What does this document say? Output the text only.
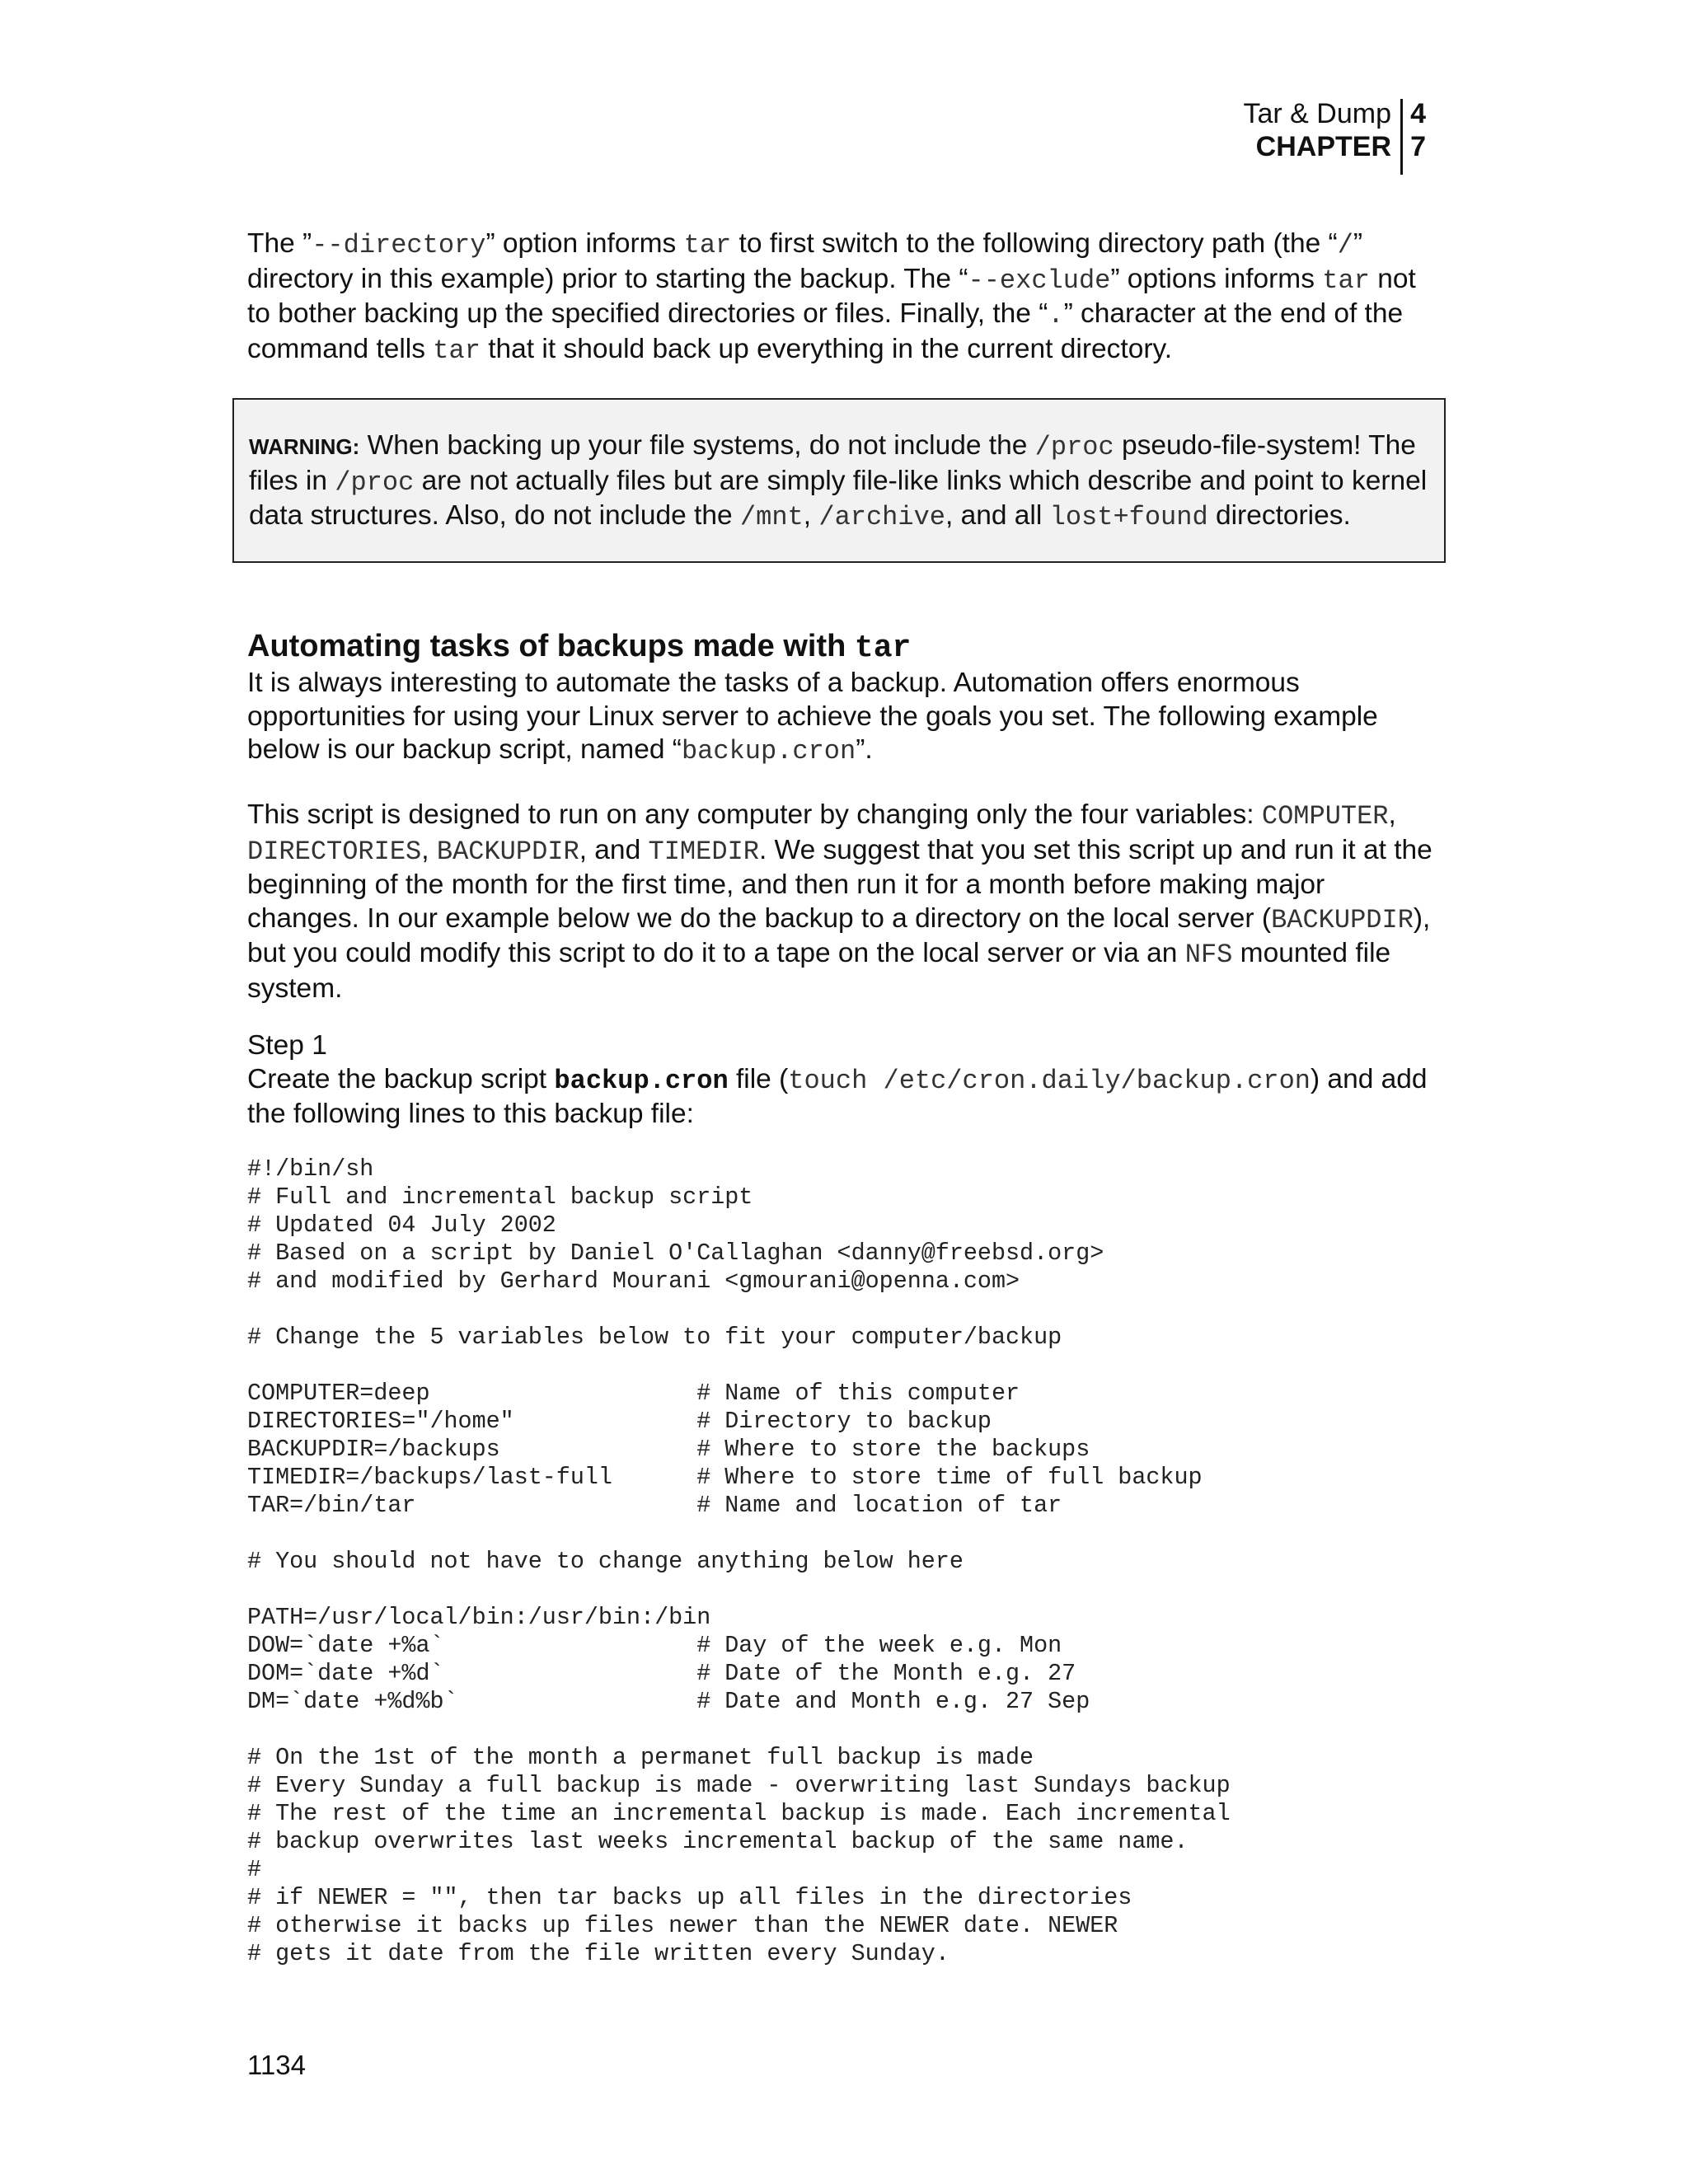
Tar & Dump
CHAPTER
4
7

The ”--directory” option informs tar to first switch to the following directory path (the “/” directory in this example) prior to starting the backup. The “--exclude” options informs tar not to bother backing up the specified directories or files. Finally, the “.” character at the end of the command tells tar that it should back up everything in the current directory.

WARNING: When backing up your file systems, do not include the /proc pseudo-file-system! The files in /proc are not actually files but are simply file-like links which describe and point to kernel data structures. Also, do not include the /mnt, /archive, and all lost+found directories.

Automating tasks of backups made with tar

It is always interesting to automate the tasks of a backup. Automation offers enormous opportunities for using your Linux server to achieve the goals you set. The following example below is our backup script, named “backup.cron”.

This script is designed to run on any computer by changing only the four variables: COMPUTER, DIRECTORIES, BACKUPDIR, and TIMEDIR. We suggest that you set this script up and run it at the beginning of the month for the first time, and then run it for a month before making major changes. In our example below we do the backup to a directory on the local server (BACKUPDIR), but you could modify this script to do it to a tape on the local server or via an NFS mounted file system.

Step 1

Create the backup script backup.cron file (touch /etc/cron.daily/backup.cron) and add the following lines to this backup file:

#!/bin/sh
# Full and incremental backup script
# Updated 04 July 2002
# Based on a script by Daniel O'Callaghan <danny@freebsd.org>
# and modified by Gerhard Mourani <gmourani@openna.com>

# Change the 5 variables below to fit your computer/backup

COMPUTER=deep                   # Name of this computer
DIRECTORIES="/home"             # Directory to backup
BACKUPDIR=/backups              # Where to store the backups
TIMEDIR=/backups/last-full      # Where to store time of full backup
TAR=/bin/tar                    # Name and location of tar

# You should not have to change anything below here

PATH=/usr/local/bin:/usr/bin:/bin
DOW=`date +%a`                  # Day of the week e.g. Mon
DOM=`date +%d`                  # Date of the Month e.g. 27
DM=`date +%d%b`                 # Date and Month e.g. 27 Sep

# On the 1st of the month a permanet full backup is made
# Every Sunday a full backup is made - overwriting last Sundays backup
# The rest of the time an incremental backup is made. Each incremental
# backup overwrites last weeks incremental backup of the same name.
#
# if NEWER = "", then tar backs up all files in the directories
# otherwise it backs up files newer than the NEWER date. NEWER
# gets it date from the file written every Sunday.
1134
